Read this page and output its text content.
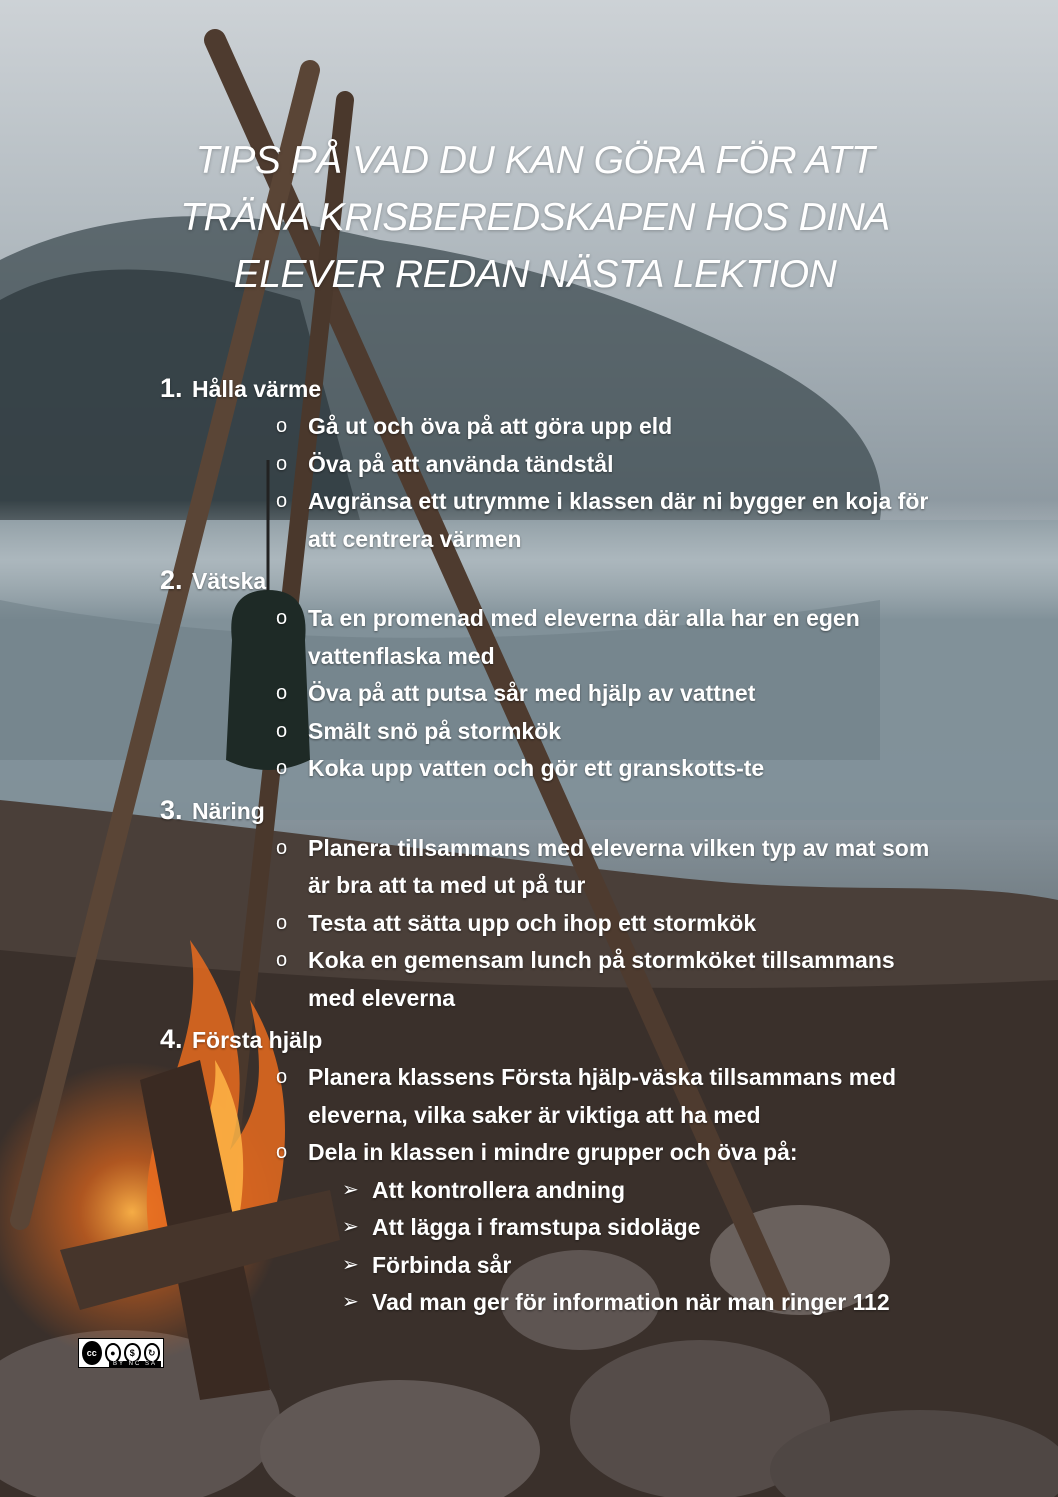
TIPS PÅ VAD DU KAN GÖRA FÖR ATT
TRÄNA KRISBEREDSKAPEN HOS DINA
ELEVER REDAN NÄSTA LEKTION
1. Hålla värme
o Gå ut och öva på att göra upp eld
o Öva på att använda tändstål
o Avgränsa ett utrymme i klassen där ni bygger en koja för att centrera värmen
2. Vätska
o Ta en promenad med eleverna där alla har en egen vattenflaska med
o Öva på att putsa sår med hjälp av vattnet
o Smält snö på stormkök
o Koka upp vatten och gör ett granskotts-te
3. Näring
o Planera tillsammans med eleverna vilken typ av mat som är bra att ta med ut på tur
o Testa att sätta upp och ihop ett stormkök
o Koka en gemensam lunch på stormköket tillsammans med eleverna
4. Första hjälp
o Planera klassens Första hjälp-väska tillsammans med eleverna, vilka saker är viktiga att ha med
o Dela in klassen i mindre grupper och öva på:
➢ Att kontrollera andning
➢ Att lägga i framstupa sidoläge
➢ Förbinda sår
➢ Vad man ger för information när man ringer 112
cc	●	$	↻
BY NC SA
